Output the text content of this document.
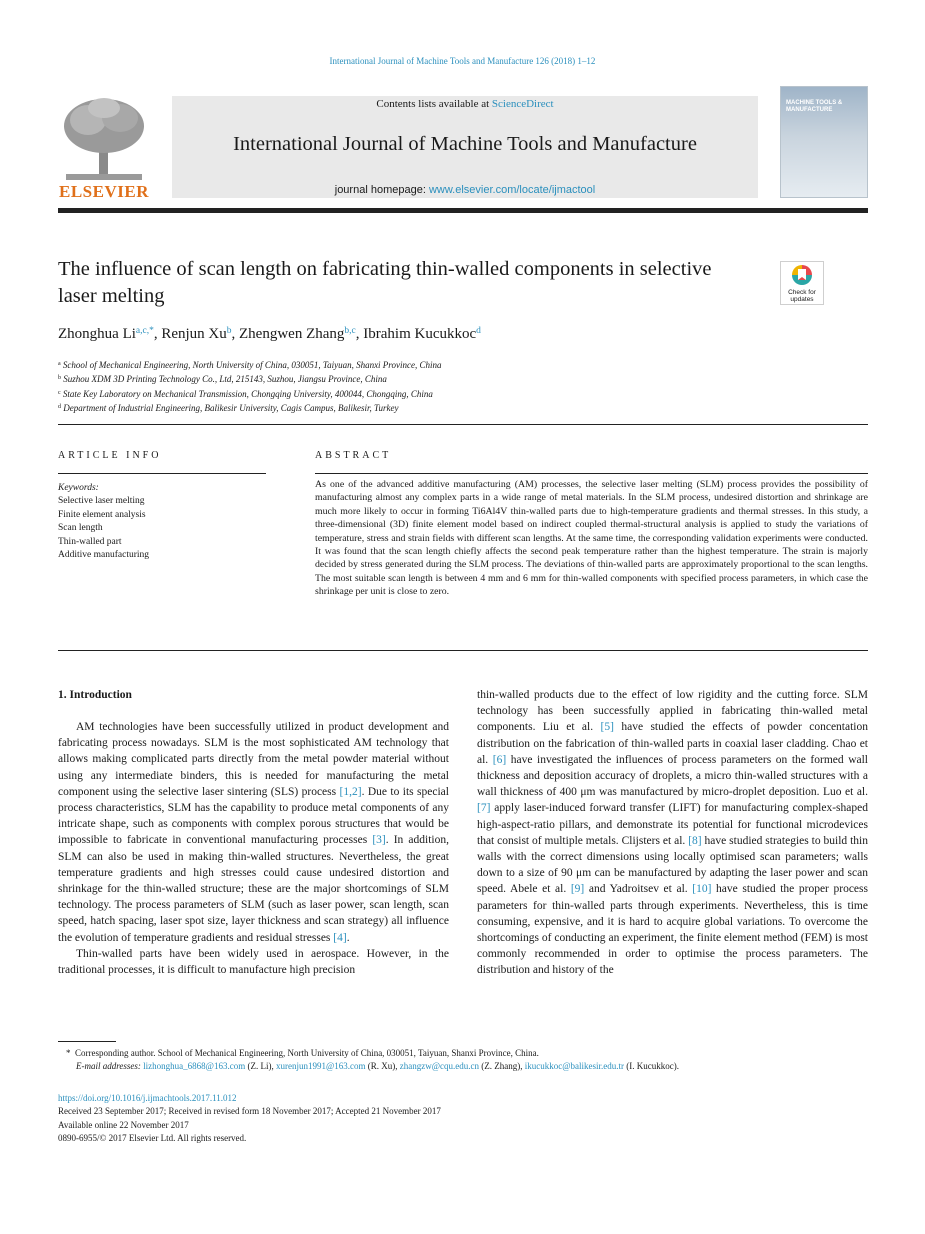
International Journal of Machine Tools and Manufacture 126 (2018) 1–12
ELSEVIER
Contents lists available at ScienceDirect
International Journal of Machine Tools and Manufacture
journal homepage: www.elsevier.com/locate/ijmactool
MACHINE TOOLS & MANUFACTURE
The influence of scan length on fabricating thin-walled components in selective laser melting	Check for updates
Zhonghua $Li^{a,c,*}$, Renjun Xu$^b$, Zhengwen Zhang$^{b,c}$, Ibrahim Kucukkoc$^d$
$^a$ School of Mechanical Engineering, North University of China, 030051, Taiyuan, Shanxi Province, China
$^b$ Suzhou XDM 3D Printing Technology Co., Ltd, 215143, Suzhou, Jiangsu Province, China
$^c$ State Key Laboratory on Mechanical Transmission, Chongqing University, 400044, Chongqing, China
$^d$ Department of Industrial Engineering, Balikesir University, Cagis Campus, Balikesir, Turkey
ARTICLE INFO	ABSTRACT
Keywords:
Selective laser melting
Finite element analysis
Scan length
Thin-walled part
Additive manufacturing
As one of the advanced additive manufacturing (AM) processes, the selective laser melting (SLM) process provides the possibility of manufacturing almost any complex parts in a wide range of metal materials. In the SLM process, undesired distortion and shrinkage are much more likely to occur in forming Ti6Al4V thin-walled parts due to high-temperature gradients and thermal stresses. In this study, a three-dimensional (3D) finite element model based on indirect coupled thermal-structural analysis is applied to study the variations of temperature, stress and strain fields with different scan lengths. At the same time, the corresponding validation experiments were conducted. It was found that the scan length chiefly affects the second peak temperature rather than the highest temperature. The strain is majorly decided by stress generated during the SLM process. The deviations of thin-walled parts are approximately proportional to the scan lengths. The most suitable scan length is between 4 mm and 6 mm for thin-walled components with specified process parameters, in which case the shrinkage per unit is close to zero.
1. Introduction

AM technologies have been successfully utilized in product development and fabricating process nowadays. SLM is the most sophisticated AM technology that allows making complicated parts directly from the metal powder material without using any intermediate binders, this is needed for manufacturing the metal component using the selective laser sintering (SLS) process [1,2]. Due to its special process characteristics, SLM has the capability to produce metal components of any intricate shape, such as components with complex porous structures that would be impossible to fabricate in conventional manufacturing processes [3]. In addition, SLM can also be used in making thin-walled structures. Nevertheless, the great temperature gradients and high stresses could cause undesired distortion and shrinkage for the thin-walled structure; these are the major shortcomings of SLM technology. The process parameters of SLM (such as laser power, scan length, scan speed, hatch spacing, laser spot size, layer thickness and scan strategy) all influence the evolution of temperature gradients and residual stresses [4].

Thin-walled parts have been widely used in aerospace. However, in the traditional processes, it is difficult to manufacture high precision

thin-walled products due to the effect of low rigidity and the cutting force. SLM technology has been successfully applied in fabricating thin-walled metal components. Liu et al. [5] have studied the effects of powder concentation distribution on the fabrication of thin-walled parts in coaxial laser cladding. Chao et al. [6] have investigated the influences of process parameters on the formed wall thickness and deposition accuracy of droplets, a micro thin-walled structures with a wall thickness of 400 μm was manufactured by micro-droplet deposition. Luo et al. [7] apply laser-induced forward transfer (LIFT) for manufacturing complex-shaped high-aspect-ratio pillars, and demonstrate its potential for functional microdevices that consist of multiple metals. Clijsters et al. [8] have studied strategies to build thin walls with the correct dimensions using locally optimised scan parameters; walls down to a size of 90 μm can be manufactured by adapting the laser power and scan speed. Abele et al. [9] and Yadroitsev et al. [10] have studied the proper process parameters for thin-walled parts through experiments. Nevertheless, this is time consuming, expensive, and it is hard to acquire global variations. To overcome the shortcomings of conducting an experiment, the finite element method (FEM) is most commonly recommended in order to optimise the process parameters. The distribution and history of the

* Corresponding author. School of Mechanical Engineering, North University of China, 030051, Taiyuan, Shanxi Province, China.
E-mail addresses: lizhonghua_6868@163.com (Z. Li), xurenjun1991@163.com (R. Xu), zhangzw@cqu.edu.cn (Z. Zhang), ikucukkoc@balikesir.edu.tr (I. Kucukkoc).
https://doi.org/10.1016/j.ijmachtools.2017.11.012
Received 23 September 2017; Received in revised form 18 November 2017; Accepted 21 November 2017
Available online 22 November 2017
0890-6955/© 2017 Elsevier Ltd. All rights reserved.
